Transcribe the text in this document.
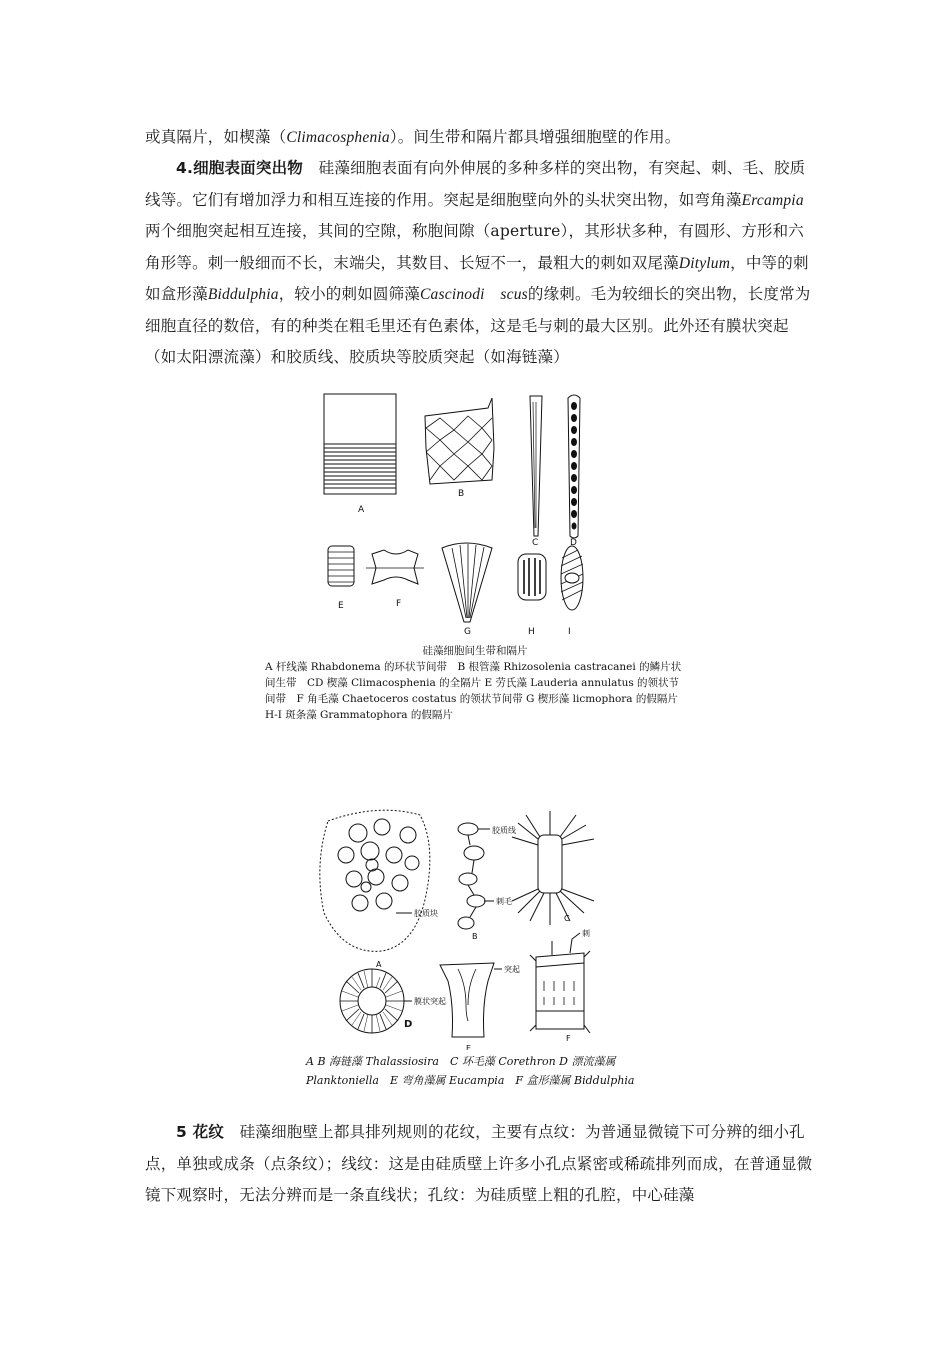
或真隔片，如楔藻（Climacosphenia）。间生带和隔片都具增强细胞壁的作用。

4.细胞表面突出物　硅藻细胞表面有向外伸展的多种多样的突出物，有突起、刺、毛、胶质线等。它们有增加浮力和相互连接的作用。突起是细胞壁向外的头状突出物，如弯角藻Ercampia两个细胞突起相互连接，其间的空隙，称胞间隙（aperture），其形状多种，有圆形、方形和六角形等。刺一般细而不长，末端尖，其数目、长短不一，最粗大的刺如双尾藻Ditylum，中等的刺如盒形藻Biddulphia，较小的刺如圆筛藻Cascinodi　scus的缘刺。毛为较细长的突出物，长度常为细胞直径的数倍，有的种类在粗毛里还有色素体，这是毛与刺的最大区别。此外还有膜状突起（如太阳漂流藻）和胶质线、胶质块等胶质突起（如海链藻）

A
B
C	D
E	F
G	H	I
硅藻细胞间生带和隔片
A 杆线藻 Rhabdonema 的环状节间带　B 根管藻 Rhizosolenia castracanei 的鳞片状
间生带　CD 楔藻 Climacosphenia 的全隔片 E 劳氏藻 Lauderia annulatus 的领状节
间带　F 角毛藻 Chaetoceros costatus 的领状节间带 G 楔形藻 licmophora 的假隔片
H-I 斑条藻 Grammatophora 的假隔片
胶质线
胶质块
刺毛
刺
突起
膜状突起
A
B
C
D
E
F
A B 海链藻 Thalassiosira　C 环毛藻 Corethron D 漂流藻属
Planktoniella　E 弯角藻属 Eucampia　F 盒形藻属 Biddulphia

5 花纹　硅藻细胞壁上都具排列规则的花纹，主要有点纹：为普通显微镜下可分辨的细小孔点，单独或成条（点条纹）；线纹：这是由硅质壁上许多小孔点紧密或稀疏排列而成，在普通显微镜下观察时，无法分辨而是一条直线状；孔纹：为硅质壁上粗的孔腔，中心硅藻
